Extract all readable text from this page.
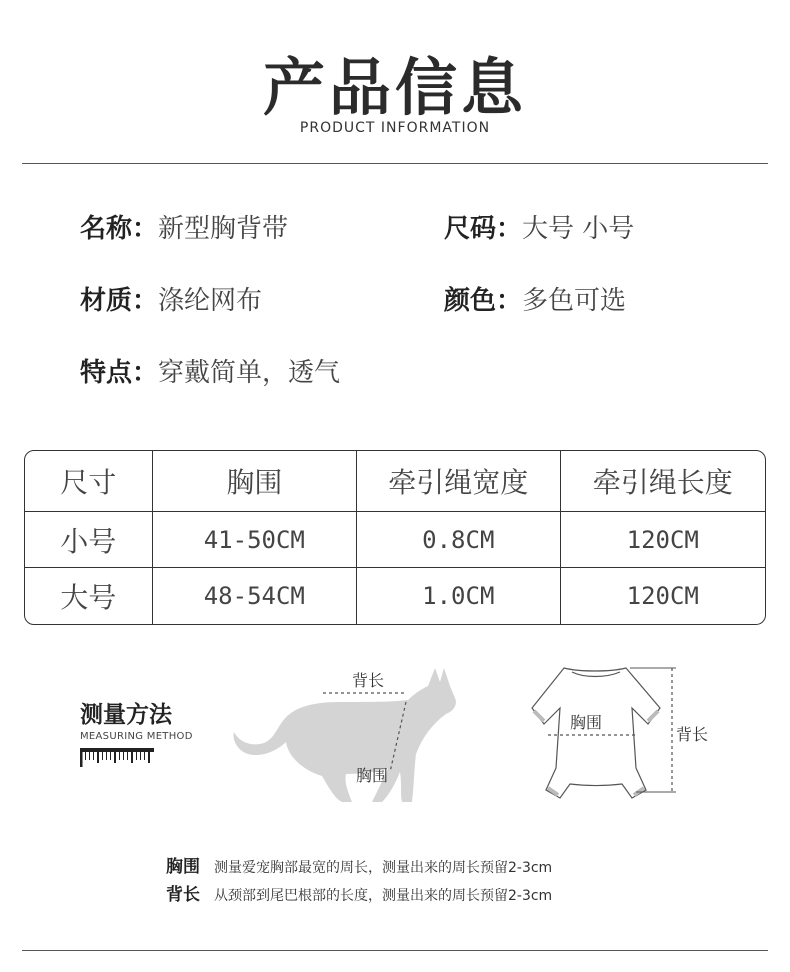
产品信息
PRODUCT INFORMATION
名称：新型胸背带	尺码：大号 小号
材质：涤纶网布	颜色：多色可选
特点：穿戴简单，透气
尺寸	胸围	牵引绳宽度	牵引绳长度
小号	41-50CM	0.8CM	120CM
大号	48-54CM	1.0CM	120CM
测量方法
MEASURING METHOD
背长
胸围
胸围
背长
胸围 测量爱宠胸部最宽的周长，测量出来的周长预留2-3cm
背长 从颈部到尾巴根部的长度，测量出来的周长预留2-3cm
